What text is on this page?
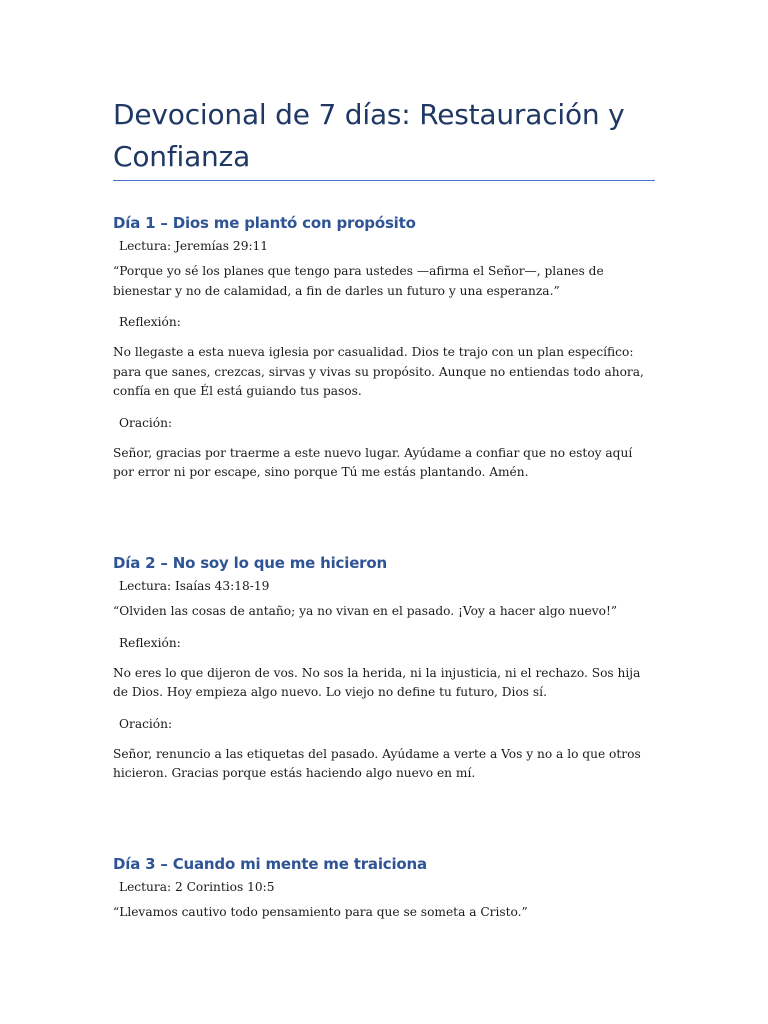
Devocional de 7 días: Restauración y Confianza
Día 1 – Dios me plantó con propósito

Lectura: Jeremías 29:11

“Porque yo sé los planes que tengo para ustedes —afirma el Señor—, planes de bienestar y no de calamidad, a fin de darles un futuro y una esperanza.”

Reflexión:

No llegaste a esta nueva iglesia por casualidad. Dios te trajo con un plan específico: para que sanes, crezcas, sirvas y vivas su propósito. Aunque no entiendas todo ahora, confía en que Él está guiando tus pasos.

Oración:

Señor, gracias por traerme a este nuevo lugar. Ayúdame a confiar que no estoy aquí por error ni por escape, sino porque Tú me estás plantando. Amén.

Día 2 – No soy lo que me hicieron

Lectura: Isaías 43:18-19

“Olviden las cosas de antaño; ya no vivan en el pasado. ¡Voy a hacer algo nuevo!”

Reflexión:

No eres lo que dijeron de vos. No sos la herida, ni la injusticia, ni el rechazo. Sos hija de Dios. Hoy empieza algo nuevo. Lo viejo no define tu futuro, Dios sí.

Oración:

Señor, renuncio a las etiquetas del pasado. Ayúdame a verte a Vos y no a lo que otros hicieron. Gracias porque estás haciendo algo nuevo en mí.

Día 3 – Cuando mi mente me traiciona

Lectura: 2 Corintios 10:5

“Llevamos cautivo todo pensamiento para que se someta a Cristo.”
